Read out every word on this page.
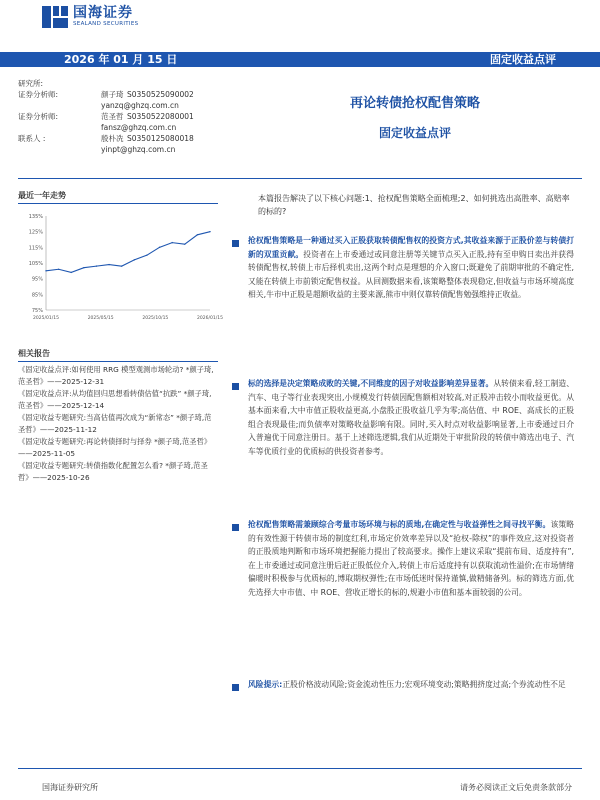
国海证券
SEALAND SECURITIES
2026 年 01 月 15 日	固定收益点评
研究所:
证券分析师:	颜子琦 S0350525090002
yanzq@ghzq.com.cn
证券分析师:	范圣哲 S0350522080001
fansz@ghzq.com.cn
联系人 :	殷朴冼 S0350125080018
yinpt@ghzq.com.cn
再论转债抢权配售策略
固定收益点评
最近一年走势
135%
125%
115%
105%
95%
85%
75%
2025/01/15	2025/05/15	2025/10/15	2026/01/15
相关报告
《固定收益点评:如何使用 RRG 模型观测市场轮动? *颜子琦,范圣哲》——2025-12-31
《固定收益点评:从均值回归思想看转债估值“抗跌” *颜子琦,范圣哲》——2025-12-14
《固定收益专题研究:当高估值再次成为“新常态” *颜子琦,范圣哲》——2025-11-12
《固定收益专题研究:再论转债择时与择券 *颜子琦,范圣哲》——2025-11-05
《固定收益专题研究:转债指数化配置怎么看? *颜子琦,范圣哲》——2025-10-26
本篇报告解决了以下核心问题:1、抢权配售策略全面梳理;2、如何挑选出高胜率、高赔率的标的?
抢权配售策略是一种通过买入正股获取转债配售权的投资方式,其收益来源于正股价差与转债打新的双重贡献。投资者在上市委通过或同意注册等关键节点买入正股,持有至申购日卖出并获得转债配售权,转债上市后择机卖出,这两个时点是理想的介入窗口;既避免了前期审批的不确定性,又能在转债上市前锁定配售权益。从回测数据来看,该策略整体表现稳定,但收益与市场环境高度相关,牛市中正股是超额收益的主要来源,熊市中则仅靠转债配售勉强维持正收益。
标的选择是决定策略成败的关键,不同维度的因子对收益影响差异显著。从转债来看,轻工制造、汽车、电子等行业表现突出,小规模发行转债因配售额相对较高,对正股冲击较小而收益更优。从基本面来看,大中市值正股收益更高,小盘股正股收益几乎为零;高估值、中 ROE、高成长的正股组合表现最佳;而负债率对策略收益影响有限。同时,买入时点对收益影响显著,上市委通过日介入普遍优于同意注册日。基于上述筛选逻辑,我们从近期处于审批阶段的转债中筛选出电子、汽车等优质行业的优质标的供投资者参考。
抢权配售策略需兼顾综合考量市场环境与标的质地,在确定性与收益弹性之间寻找平衡。该策略的有效性源于转债市场的制度红利,市场定价效率差异以及“抢权-除权”的事件效应,这对投资者的正股质地判断和市场环境把握能力提出了较高要求。操作上建议采取“提前布局、适度持有”,在上市委通过或同意注册后赶正股低位介入,转债上市后适度持有以获取流动性溢价;在市场情绪偏暖时积极参与优质标的,博取期权弹性;在市场低迷时保持谨慎,做精储备列。标的筛选方面,优先选择大中市值、中 ROE、营收正增长的标的,规避小市值和基本面较弱的公司。
风险提示:正股价格波动风险;资金流动性压力;宏观环境变动;策略拥挤度过高;个券流动性不足
国海证券研究所	请务必阅读正文后免责条款部分
